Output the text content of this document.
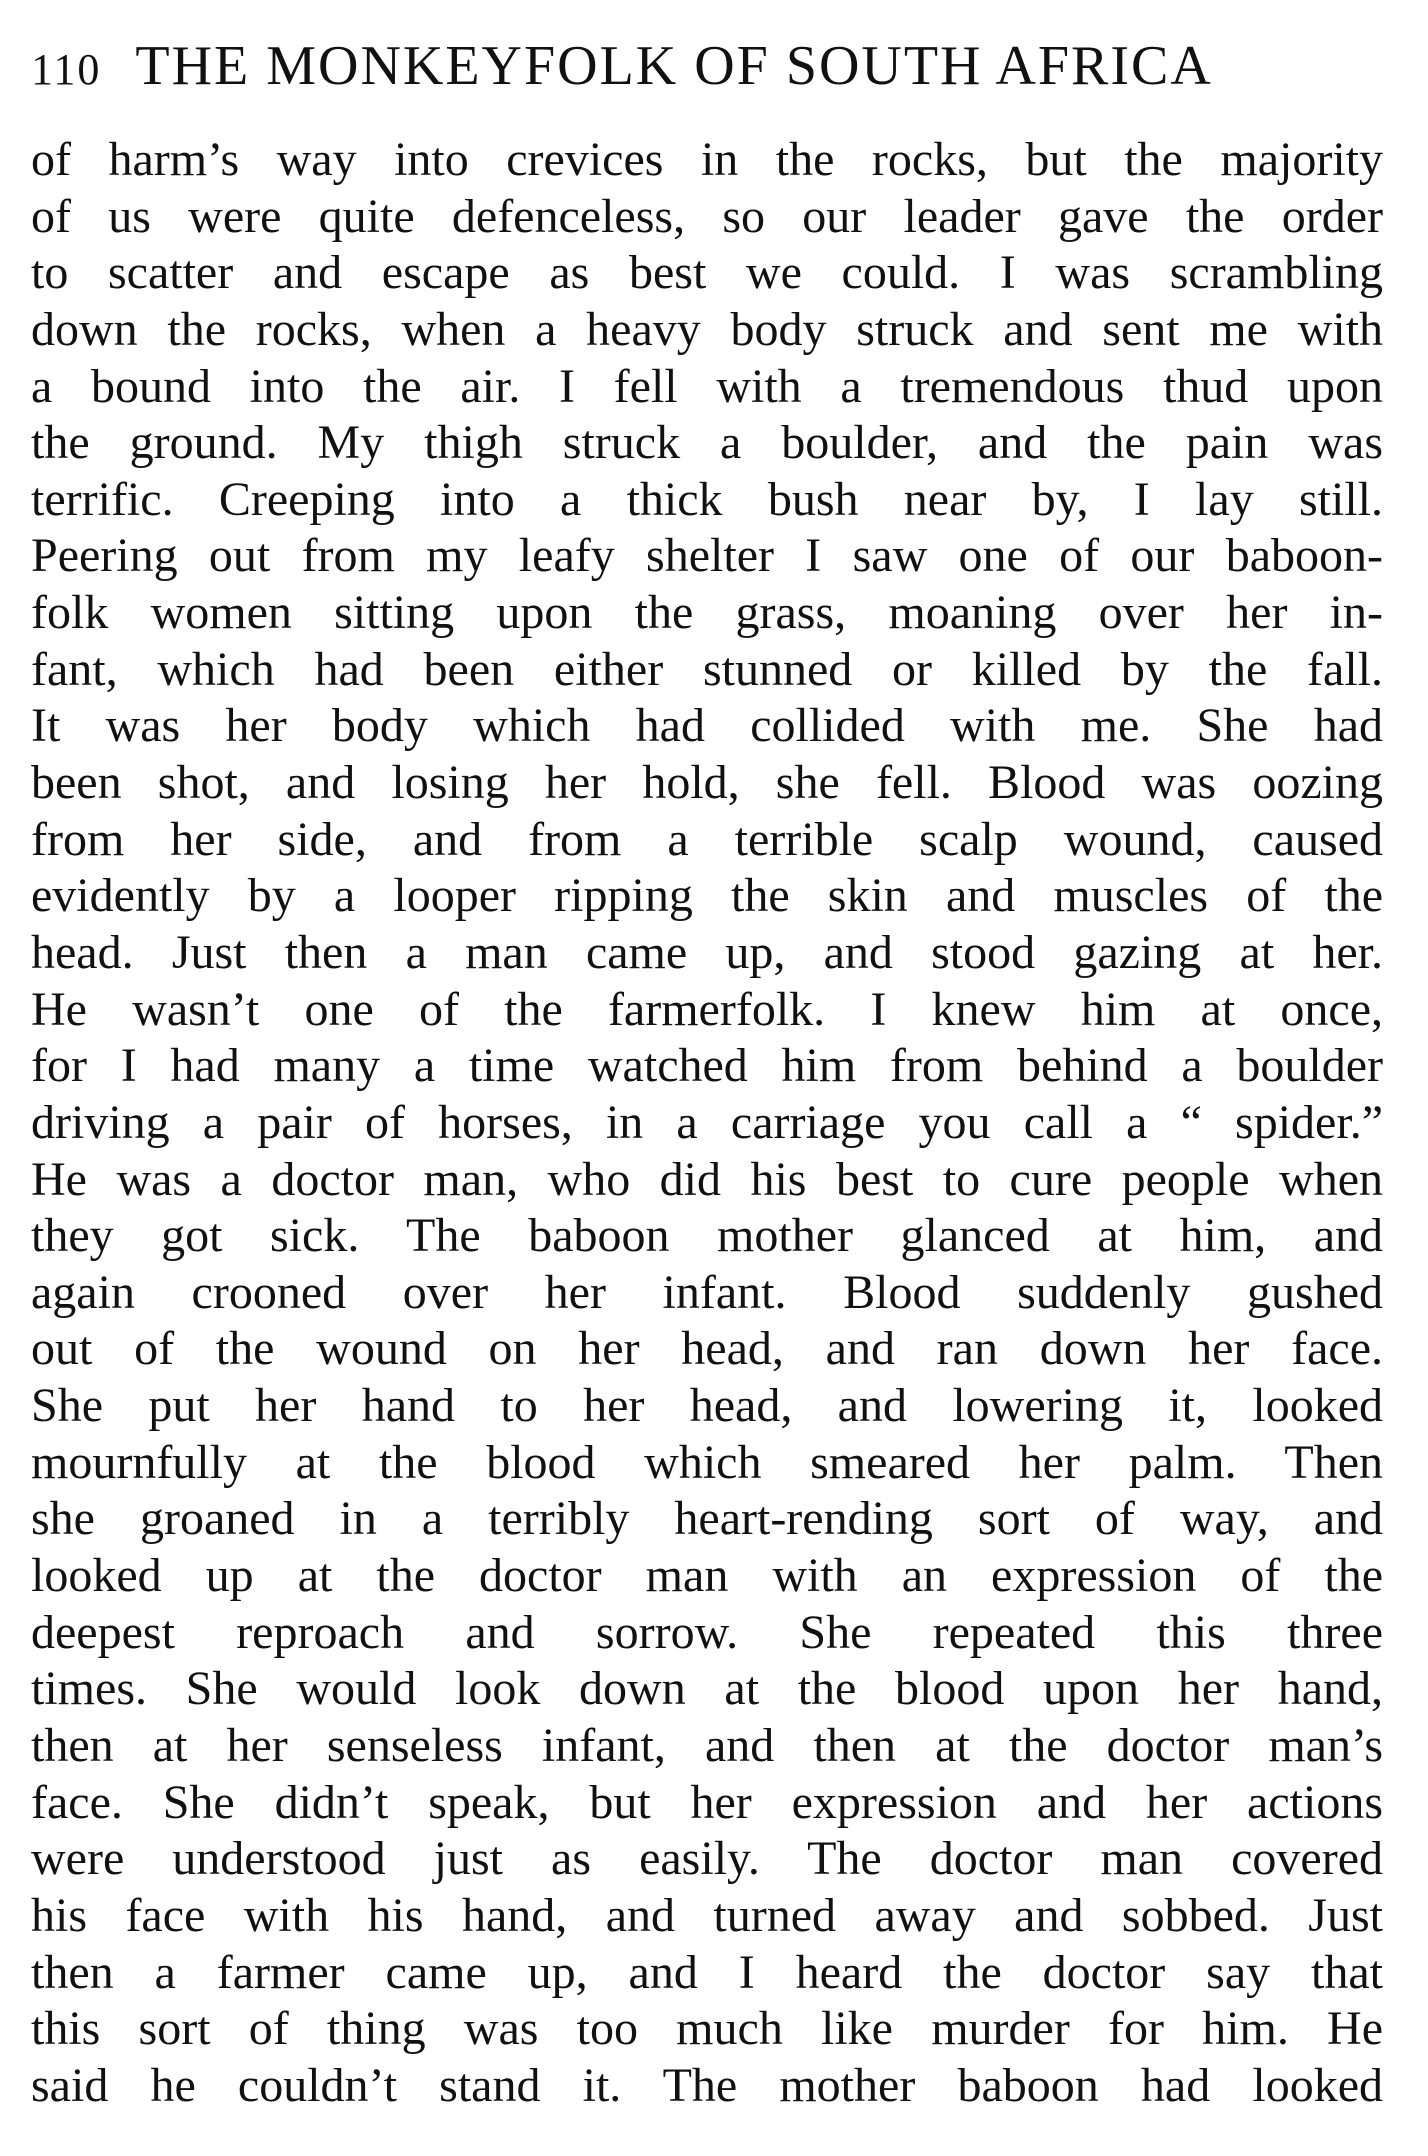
110 THE MONKEYFOLK OF SOUTH AFRICA
of harm’s way into crevices in the rocks, but the majority
of us were quite defenceless, so our leader gave the order
to scatter and escape as best we could. I was scrambling
down the rocks, when a heavy body struck and sent me with
a bound into the air. I fell with a tremendous thud upon
the ground. My thigh struck a boulder, and the pain was
terrific. Creeping into a thick bush near by, I lay still.
Peering out from my leafy shelter I saw one of our baboon-
folk women sitting upon the grass, moaning over her in-
fant, which had been either stunned or killed by the fall.
It was her body which had collided with me. She had
been shot, and losing her hold, she fell. Blood was oozing
from her side, and from a terrible scalp wound, caused
evidently by a looper ripping the skin and muscles of the
head. Just then a man came up, and stood gazing at her.
He wasn’t one of the farmerfolk. I knew him at once,
for I had many a time watched him from behind a boulder
driving a pair of horses, in a carriage you call a “ spider.”
He was a doctor man, who did his best to cure people when
they got sick. The baboon mother glanced at him, and
again crooned over her infant. Blood suddenly gushed
out of the wound on her head, and ran down her face.
She put her hand to her head, and lowering it, looked
mournfully at the blood which smeared her palm. Then
she groaned in a terribly heart-rending sort of way, and
looked up at the doctor man with an expression of the
deepest reproach and sorrow. She repeated this three
times. She would look down at the blood upon her hand,
then at her senseless infant, and then at the doctor man’s
face. She didn’t speak, but her expression and her actions
were understood just as easily. The doctor man covered
his face with his hand, and turned away and sobbed. Just
then a farmer came up, and I heard the doctor say that
this sort of thing was too much like murder for him. He
said he couldn’t stand it. The mother baboon had looked
